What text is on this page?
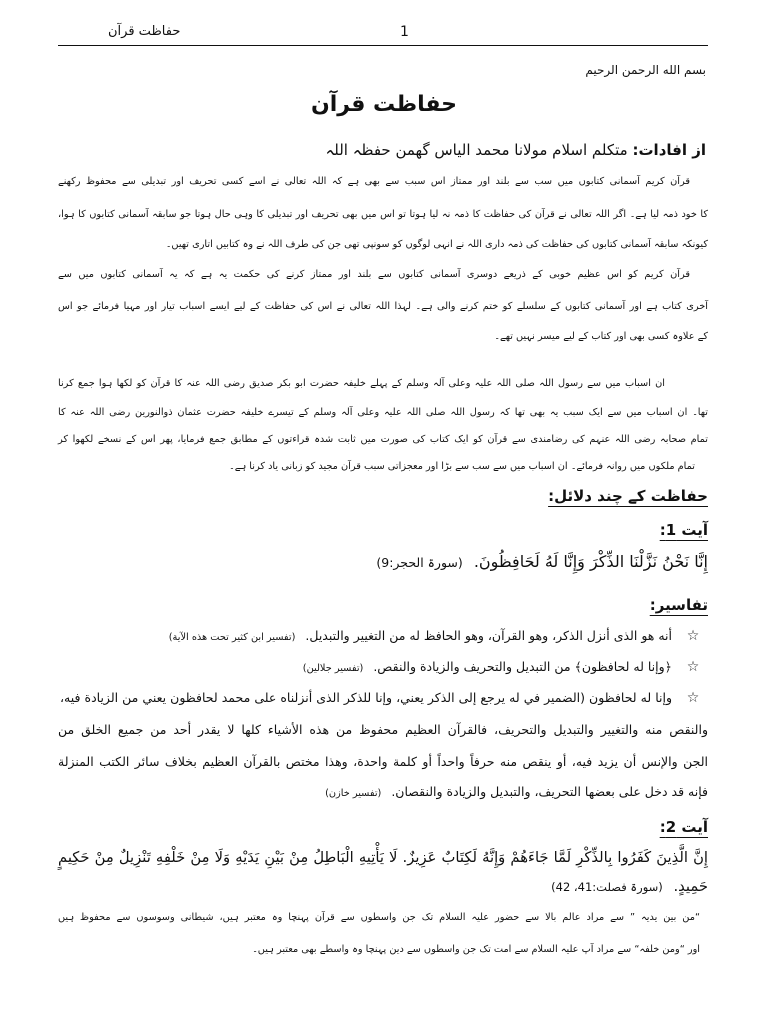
حفاظت قرآن	1
بسم الله الرحمن الرحیم
حفاظت قرآن
از افادات: متکلم اسلام مولانا محمد الیاس گھمن حفظہ اللہ
قرآن کریم آسمانی کتابوں میں سب سے بلند اور ممتاز اس سبب سے بھی ہے کہ اللہ تعالی نے اسے کسی تحریف اور تبدیلی سے محفوظ رکھنے
کا خود ذمہ لیا ہے۔ اگر اللہ تعالی نے قرآن کی حفاظت کا ذمہ نہ لیا ہوتا تو اس میں بھی تحریف اور تبدیلی کا وہی حال ہوتا جو سابقہ آسمانی کتابوں کا ہوا،
کیونکہ سابقہ آسمانی کتابوں کی حفاظت کی ذمہ داری اللہ نے انہی لوگوں کو سونپی تھی جن کی طرف اللہ نے وہ کتابیں اتاری تھیں۔
قرآن کریم کو اس عظیم خوبی کے ذریعے دوسری آسمانی کتابوں سے بلند اور ممتاز کرنے کی حکمت یہ ہے کہ یہ آسمانی کتابوں میں سے
آخری کتاب ہے اور آسمانی کتابوں کے سلسلے کو ختم کرنے والی ہے۔ لہذا اللہ تعالی نے اس کی حفاظت کے لیے ایسے اسباب تیار اور مہیا فرمائے جو اس
کے علاوہ کسی بھی اور کتاب کے لیے میسر نہیں تھے۔
ان اسباب میں سے رسول اللہ صلی اللہ علیہ وعلی آلہ وسلم کے پہلے خلیفہ حضرت ابو بکر صدیق رضی اللہ عنہ کا قرآن کو لکھا ہوا جمع کرنا
تھا۔ ان اسباب میں سے ایک سبب یہ بھی تھا کہ رسول اللہ صلی اللہ علیہ وعلی آلہ وسلم کے تیسرے خلیفہ حضرت عثمان ذوالنورین رضی اللہ عنہ کا
تمام صحابہ رضی اللہ عنہم کی رضامندی سے قرآن کو ایک کتاب کی صورت میں ثابت شدہ قراءتوں کے مطابق جمع فرمایا، پھر اس کے نسخے لکھوا کر
تمام ملکوں میں روانہ فرمائے۔ ان اسباب میں سے سب سے بڑا اور معجزاتی سبب قرآن مجید کو زبانی یاد کرنا ہے۔
حفاظت کے چند دلائل:
آیت 1:
إِنَّا نَحْنُ نَزَّلْنَا الذِّكْرَ وَإِنَّا لَهُ لَحَافِظُونَ. (سورۃ الحجر:9)
تفاسیر:
☆
أنه هو الذى أنزل الذكر، وهو القرآن، وهو الحافظ له من التغيير والتبديل. (تفسیر ابن کثیر تحت هذه الآیة)
☆
﴿وإنا له لحافظون﴾ من التبديل والتحريف والزيادة والنقص. (تفسیر جلالین)
☆
وإنا له لحافظون (الضمير في له يرجع إلى الذكر يعني، وإنا للذكر الذى أنزلناه على محمد لحافظون يعني من الزيادة فيه،
والنقص منه والتغيير والتبديل والتحريف، فالقرآن العظيم محفوظ من هذه الأشياء كلها لا يقدر أحد من جميع الخلق من
الجن والإنس أن يزيد فيه، أو ينقص منه حرفاً واحداً أو كلمة واحدة، وهذا مختص بالقرآن العظيم بخلاف سائر الكتب المنزلة
فإنه قد دخل على بعضها التحريف، والتبديل والزيادة والنقصان. (تفسیر خازن)
آیت 2:
إِنَّ الَّذِينَ كَفَرُوا بِالذِّكْرِ لَمَّا جَاءَهُمْ وَإِنَّهُ لَكِتَابٌ عَزِيزٌ. لَا يَأْتِيهِ الْبَاطِلُ مِنْ بَيْنِ يَدَيْهِ وَلَا مِنْ خَلْفِهِ تَنْزِيلٌ مِنْ حَكِيمٍ
حَمِيدٍ. (سورۃ فصلت:41، 42)
“من بین یدیہ ” سے مراد عالم بالا سے حضور علیہ السلام تک جن واسطوں سے قرآن پہنچا وہ معتبر ہیں، شیطانی وسوسوں سے محفوظ ہیں
اور “ومن خلفہ“ سے مراد آپ علیہ السلام سے امت تک جن واسطوں سے دین پہنچا وہ واسطے بھی معتبر ہیں۔
